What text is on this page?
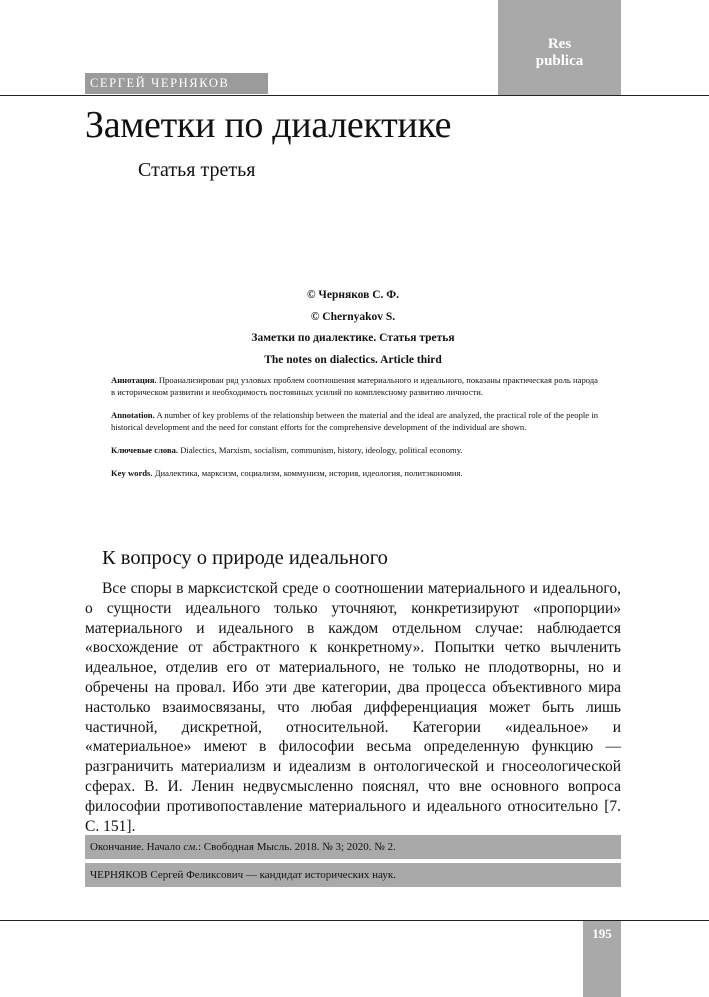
Res
publica
СЕРГЕЙ ЧЕРНЯКОВ
Заметки по диалектике
Статья третья
© Черняков С. Ф.
© Chernyakov S.
Заметки по диалектике. Статья третья
The notes on dialectics. Article third

Аннотация. Проанализирован ряд узловых проблем соотношения материального и идеального, показаны практическая роль народа в историческом развитии и необходимость постоянных усилий по комплексному развитию личности.

Annotation. A number of key problems of the relationship between the material and the ideal are analyzed, the practical role of the people in historical development and the need for constant efforts for the comprehensive development of the individual are shown.

Ключевые слова. Dialectics, Marxism, socialism, communism, history, ideology, political economy.

Key words. Диалектика, марксизм, социализм, коммунизм, история, идеология, политэкономия.

К вопросу о природе идеального

Все споры в марксистской среде о соотношении материального и идеального, о сущности идеального только уточняют, конкретизируют «пропорции» материального и идеального в каждом отдельном случае: наблюдается «восхождение от абстрактного к конкретному». Попытки четко вычленить идеальное, отделив его от материального, не только не плодотворны, но и обречены на провал. Ибо эти две категории, два процесса объективного мира настолько взаимосвязаны, что любая дифференциация может быть лишь частичной, дискретной, относительной. Категории «идеальное» и «материальное» имеют в философии весьма определенную функцию — разграничить материализм и идеализм в онтологической и гносеологической сферах. В. И. Ленин недвусмысленно пояснял, что вне основного вопроса философии противопоставление материального и идеального относительно [7. С. 151].

Окончание. Начало см.: Свободная Мысль. 2018. № 3; 2020. № 2.
ЧЕРНЯКОВ Сергей Феликсович — кандидат исторических наук.
195
